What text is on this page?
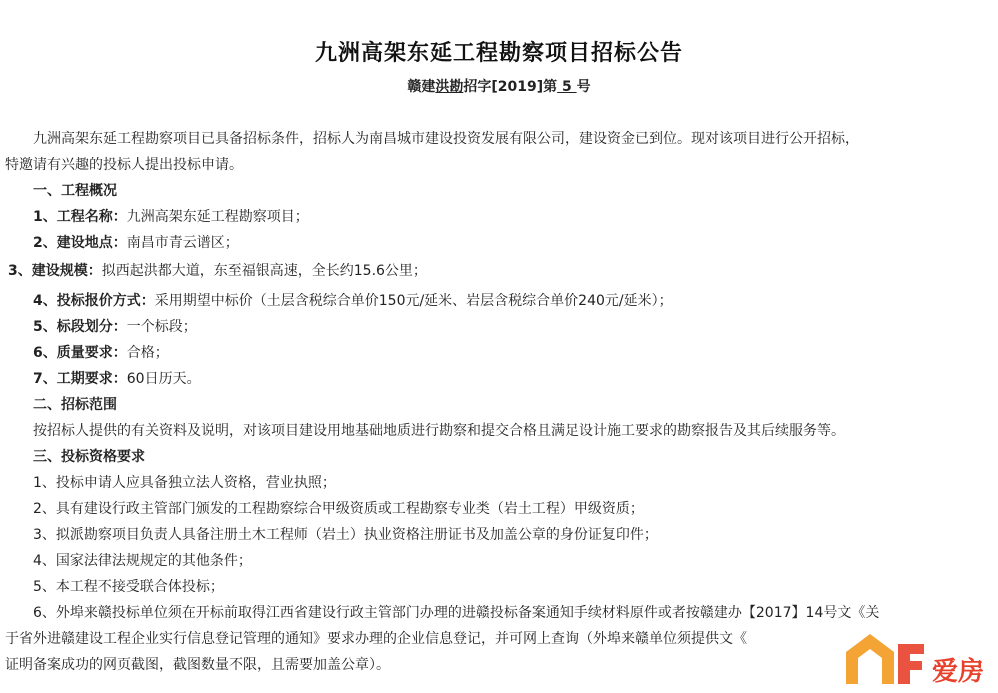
九洲高架东延工程勘察项目招标公告
赣建洪勘招字[2019]第 5 号
九洲高架东延工程勘察项目已具备招标条件，招标人为南昌城市建设投资发展有限公司，建设资金已到位。现对该项目进行公开招标，
特邀请有兴趣的投标人提出投标申请。
一、工程概况
1、工程名称：九洲高架东延工程勘察项目；
2、建设地点：南昌市青云谱区；
3、建设规模：拟西起洪都大道，东至福银高速，全长约15.6公里；
4、投标报价方式：采用期望中标价（土层含税综合单价150元/延米、岩层含税综合单价240元/延米）；
5、标段划分：一个标段；
6、质量要求：合格；
7、工期要求：60日历天。
二、招标范围
按招标人提供的有关资料及说明，对该项目建设用地基础地质进行勘察和提交合格且满足设计施工要求的勘察报告及其后续服务等。
三、投标资格要求
1、投标申请人应具备独立法人资格，营业执照；
2、具有建设行政主管部门颁发的工程勘察综合甲级资质或工程勘察专业类（岩土工程）甲级资质；
3、拟派勘察项目负责人具备注册土木工程师（岩土）执业资格注册证书及加盖公章的身份证复印件；
4、国家法律法规规定的其他条件；
5、本工程不接受联合体投标；
6、外埠来赣投标单位须在开标前取得江西省建设行政主管部门办理的进赣投标备案通知手续材料原件或者按赣建办【2017】14号文《关
于省外进赣建设工程企业实行信息登记管理的通知》要求办理的企业信息登记，并可网上查询（外埠来赣单位须提供文《
证明备案成功的网页截图，截图数量不限，且需要加盖公章）。	爱房
